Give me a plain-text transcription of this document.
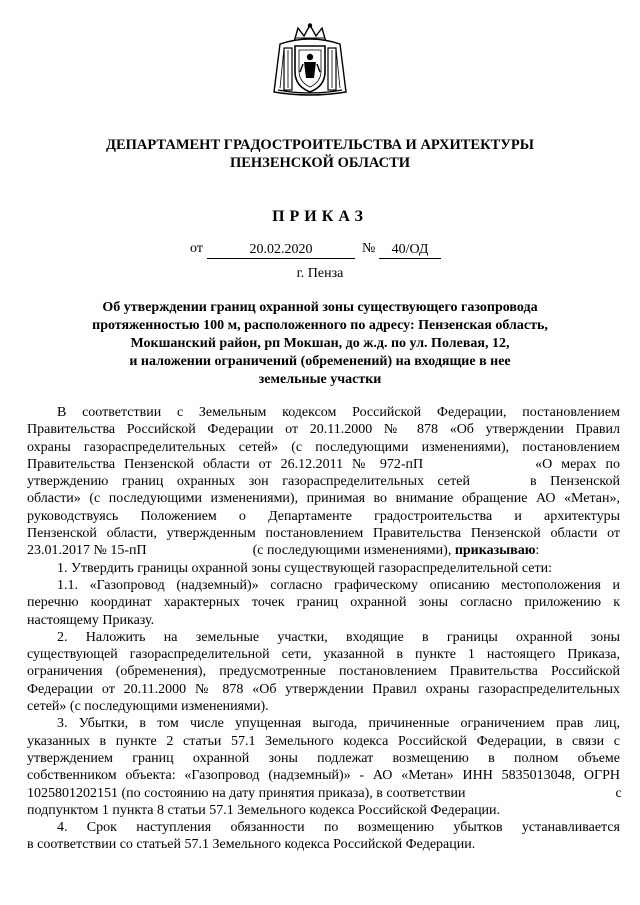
ДЕПАРТАМЕНТ ГРАДОСТРОИТЕЛЬСТВА И АРХИТЕКТУРЫ
ПЕНЗЕНСКОЙ ОБЛАСТИ
ПРИКАЗ
от	20.02.2020	№	40/ОД
г. Пенза
Об утверждении границ охранной зоны существующего газопровода
протяженностью 100 м, расположенного по адресу: Пензенская область,
Мокшанский район, рп Мокшан, до ж.д. по ул. Полевая, 12,
и наложении ограничений (обременений) на входящие в нее
земельные участки
В соответствии с Земельным кодексом Российской Федерации, постановлением
Правительства Российской Федерации от 20.11.2000 № 878 «Об утверждении Правил
охраны газораспределительных сетей» (с последующими изменениями), постановлением
Правительства Пензенской области от 26.12.2011 № 972-пП	«О мерах по
утверждению границ охранных зон газораспределительных сетей	в Пензенской
области» (с последующими изменениями), принимая во внимание обращение АО «Метан»,
руководствуясь Положением о Департаменте градостроительства и архитектуры
Пензенской области, утвержденным постановлением Правительства Пензенской области от
23.01.2017 № 15-пП	(с последующими изменениями), приказываю:
1. Утвердить границы охранной зоны существующей газораспределительной сети:
1.1. «Газопровод (надземный)» согласно графическому описанию местоположения и
перечню координат характерных точек границ охранной зоны согласно приложению к
настоящему Приказу.
2. Наложить на земельные участки, входящие в границы охранной зоны
существующей газораспределительной сети, указанной в пункте 1 настоящего Приказа,
ограничения (обременения), предусмотренные постановлением Правительства Российской
Федерации от 20.11.2000 № 878 «Об утверждении Правил охраны газораспределительных
сетей» (с последующими изменениями).
3. Убытки, в том числе упущенная выгода, причиненные ограничением прав лиц,
указанных в пункте 2 статьи 57.1 Земельного кодекса Российской Федерации, в связи с
утверждением границ охранной зоны подлежат возмещению в полном объеме
собственником объекта: «Газопровод (надземный)» - АО «Метан» ИНН 5835013048, ОГРН
1025801202151 (по состоянию на дату принятия приказа), в соответствии	с
подпунктом 1 пункта 8 статьи 57.1 Земельного кодекса Российской Федерации.
4. Срок наступления обязанности по возмещению убытков устанавливается
в соответствии со статьей 57.1 Земельного кодекса Российской Федерации.
